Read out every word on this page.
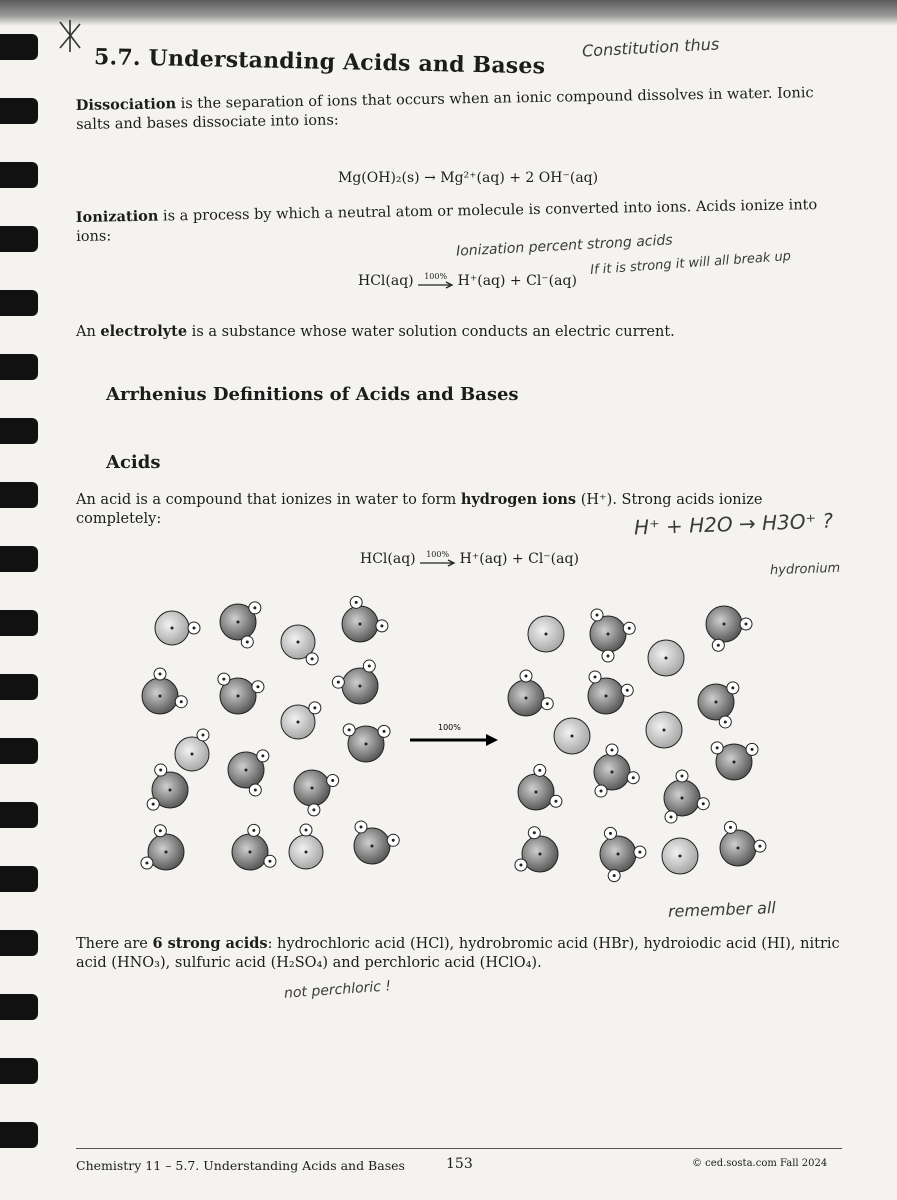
5.7. Understanding Acids and Bases Constitution thus

Dissociation is the separation of ions that occurs when an ionic compound dissolves in water. Ionic salts and bases dissociate into ions:

Mg(OH)₂(s) → Mg²⁺(aq) + 2 OH⁻(aq)

Ionization is a process by which a neutral atom or molecule is converted into ions. Acids ionize into ions:	Ionization percent strong acids
HCl(aq) 100% H⁺(aq) + Cl⁻(aq)
If it is strong it will all break up

An electrolyte is a substance whose water solution conducts an electric current.

Arrhenius Definitions of Acids and Bases
Acids

An acid is a compound that ionizes in water to form hydrogen ions (H⁺). Strong acids ionize completely:	H⁺ + H2O → H3O⁺ ?
hydronium
HCl(aq) 100% H⁺(aq) + Cl⁻(aq)
100%
remember all

There are 6 strong acids: hydrochloric acid (HCl), hydrobromic acid (HBr), hydroiodic acid (HI), nitric acid (HNO₃), sulfuric acid (H₂SO₄) and perchloric acid (HClO₄).

not perchloric !
Chemistry 11 – 5.7. Understanding Acids and Bases	153	© ced.sosta.com Fall 2024
